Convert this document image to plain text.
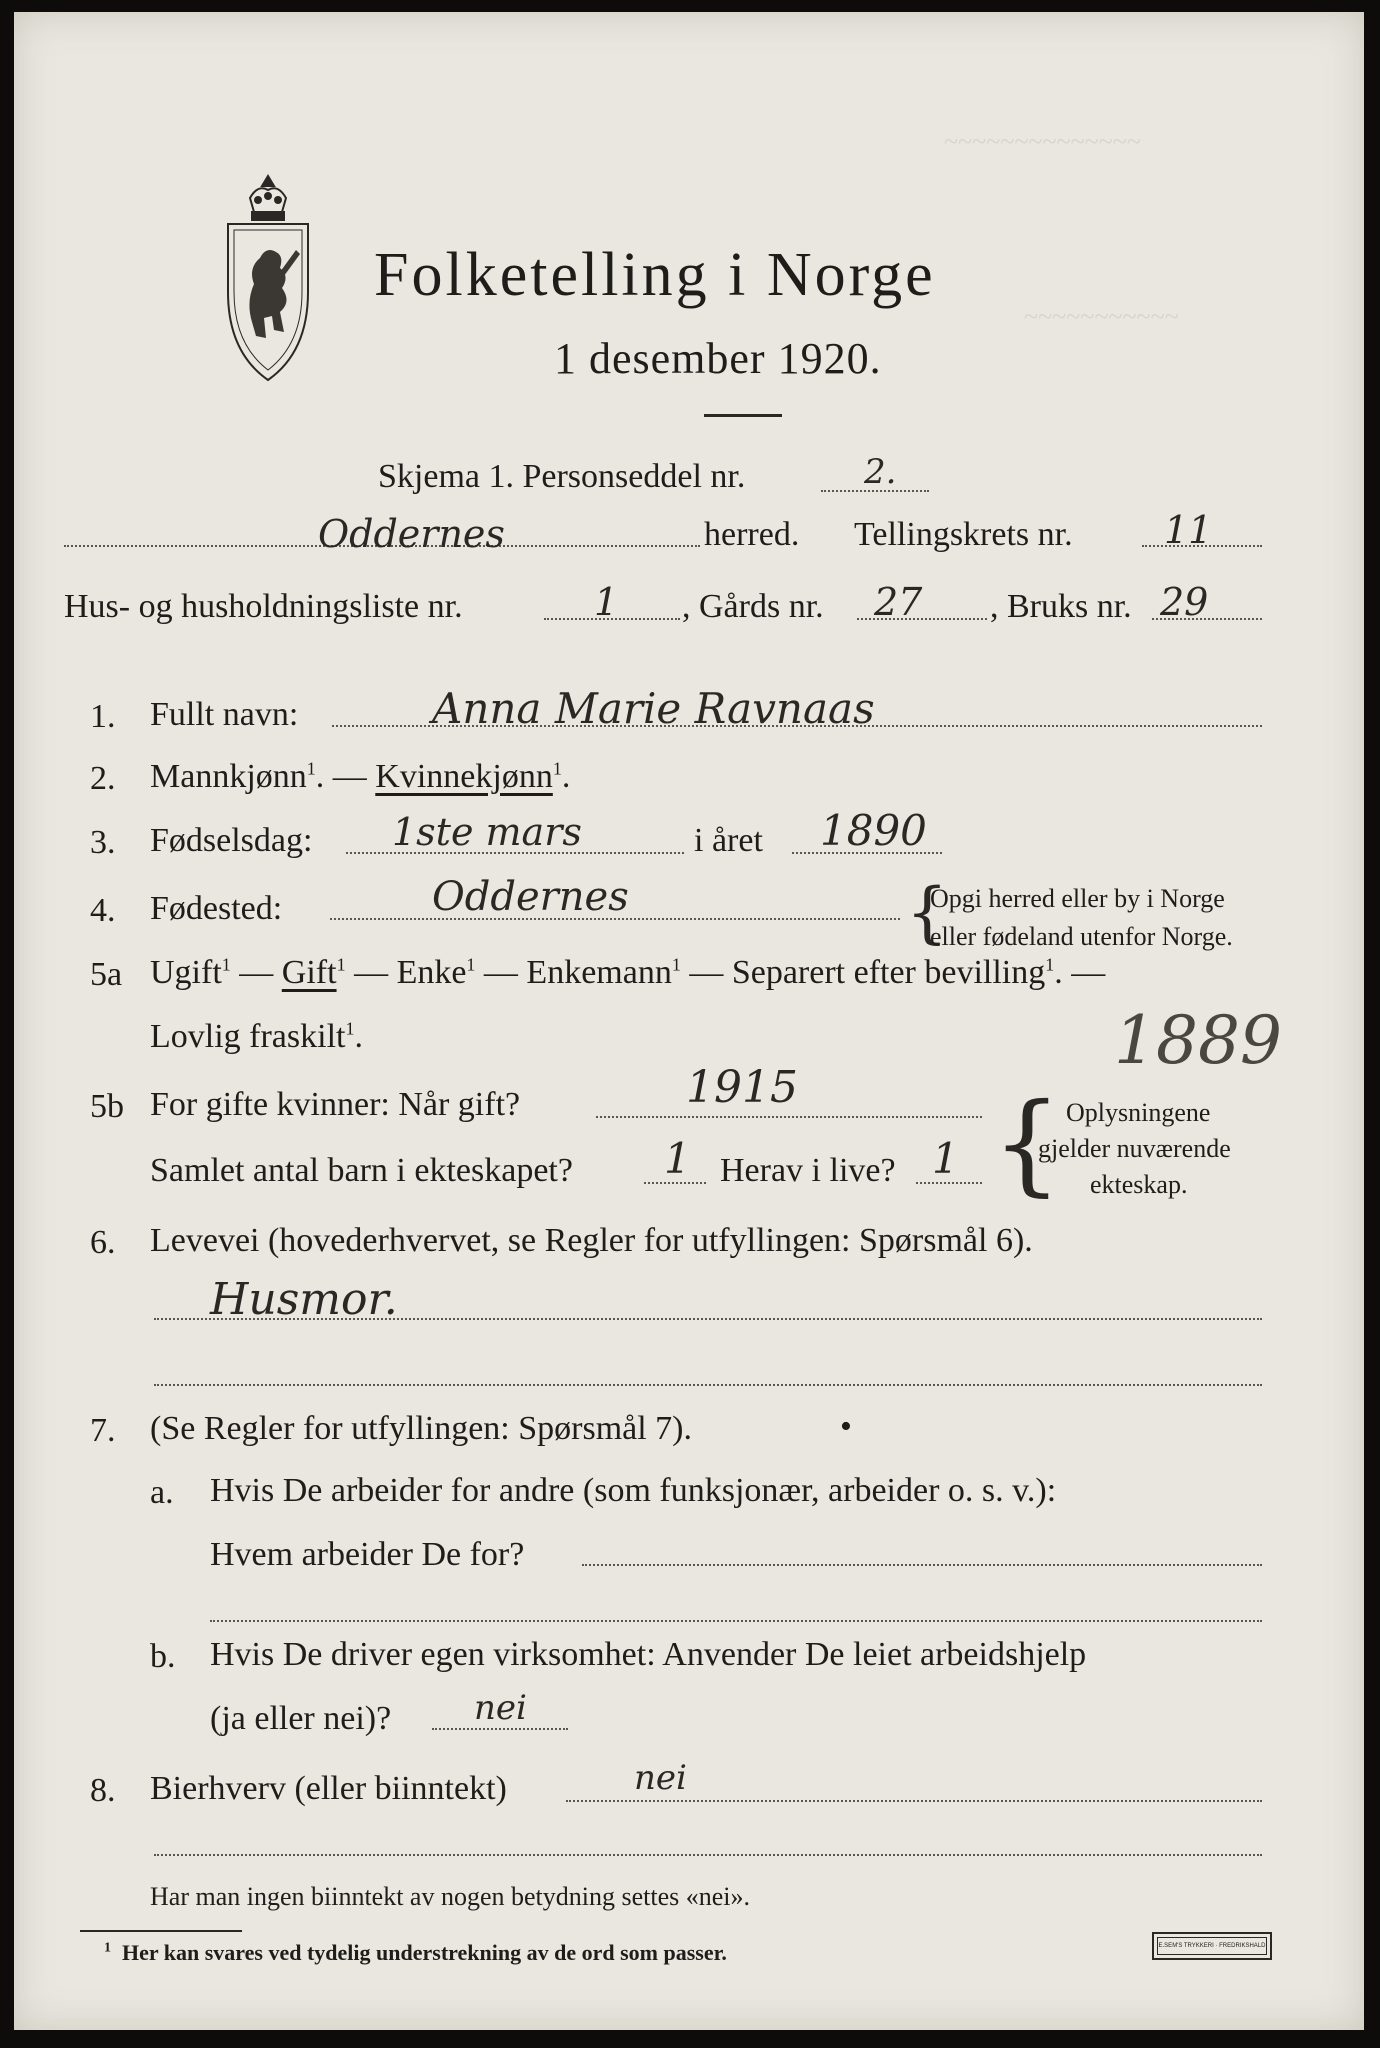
~~~~~~~~~~~~~~
~~~~~~~~~~~
Folketelling i Norge
1 desember 1920.
Skjema 1. Personseddel nr.	2.
Oddernes	herred. Tellingskrets nr. 11
Hus- og husholdningsliste nr.	1 , Gårds nr. 27 , Bruks nr. 29
1. Fullt navn:	Anna Marie Ravnaas
2. Mannkjønn$^1$. — Kvinnekjønn$^1$.
3. Fødselsdag: 1ste mars	i året 1890
4. Fødested:	Oddernes	{
Opgi herred eller by i Norge
eller fødeland utenfor Norge.
5a Ugift$^1$ — Gift$^1$ — Enke$^1$ — Enkemann$^1$ — Separert efter bevilling$^1$. —
Lovlig fraskilt$^1$.	1889
5b For gifte kvinner: Når gift?	1915
Samlet antal barn i ekteskapet? 1 Herav i live? 1 { Oplysningene
gjelder nuværende
ekteskap.
6. Levevei (hovederhvervet, se Regler for utfyllingen: Spørsmål 6).
Husmor.
7. (Se Regler for utfyllingen: Spørsmål 7).	•
a. Hvis De arbeider for andre (som funksjonær, arbeider o. s. v.):
Hvem arbeider De for?
b. Hvis De driver egen virksomhet: Anvender De leiet arbeidshjelp
(ja eller nei)? nei
8. Bierhverv (eller biinntekt)	nei
Har man ingen biinntekt av nogen betydning settes «nei».
$^1$ Her kan svares ved tydelig understrekning av de ord som passer.	E.SEM'S TRYKKERI · FREDRIKSHALD
